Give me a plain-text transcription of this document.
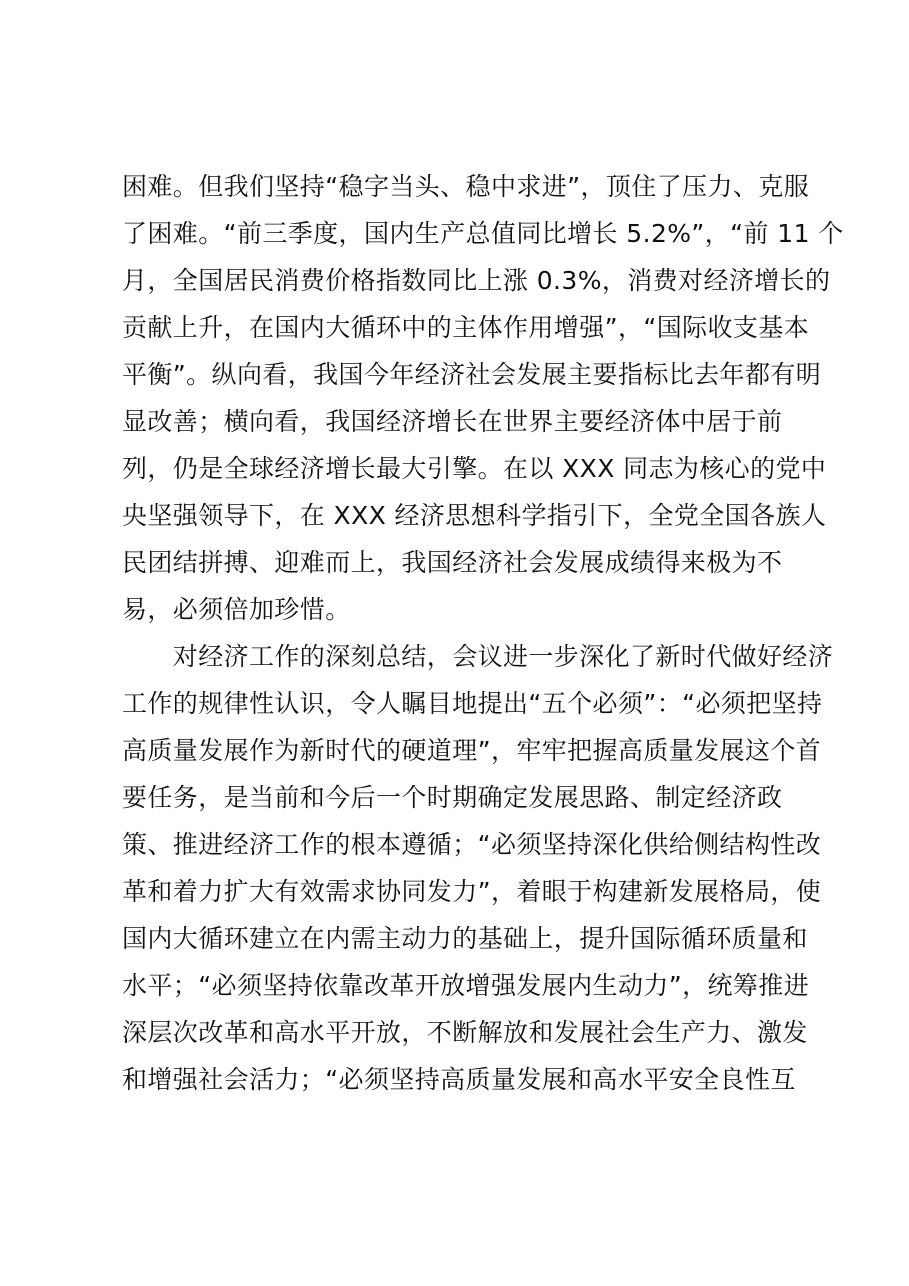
困难。但我们坚持“稳字当头、稳中求进”，顶住了压力、克服
了困难。“前三季度，国内生产总值同比增长 5.2%”，“前 11 个
月，全国居民消费价格指数同比上涨 0.3%，消费对经济增长的
贡献上升，在国内大循环中的主体作用增强”，“国际收支基本
平衡”。纵向看，我国今年经济社会发展主要指标比去年都有明
显改善；横向看，我国经济增长在世界主要经济体中居于前
列，仍是全球经济增长最大引擎。在以 XXX 同志为核心的党中
央坚强领导下，在 XXX 经济思想科学指引下，全党全国各族人
民团结拼搏、迎难而上，我国经济社会发展成绩得来极为不
易，必须倍加珍惜。
　　对经济工作的深刻总结，会议进一步深化了新时代做好经济
工作的规律性认识，令人瞩目地提出“五个必须”：“必须把坚持
高质量发展作为新时代的硬道理”，牢牢把握高质量发展这个首
要任务，是当前和今后一个时期确定发展思路、制定经济政
策、推进经济工作的根本遵循；“必须坚持深化供给侧结构性改
革和着力扩大有效需求协同发力”，着眼于构建新发展格局，使
国内大循环建立在内需主动力的基础上，提升国际循环质量和
水平；“必须坚持依靠改革开放增强发展内生动力”，统筹推进
深层次改革和高水平开放，不断解放和发展社会生产力、激发
和增强社会活力；“必须坚持高质量发展和高水平安全良性互
